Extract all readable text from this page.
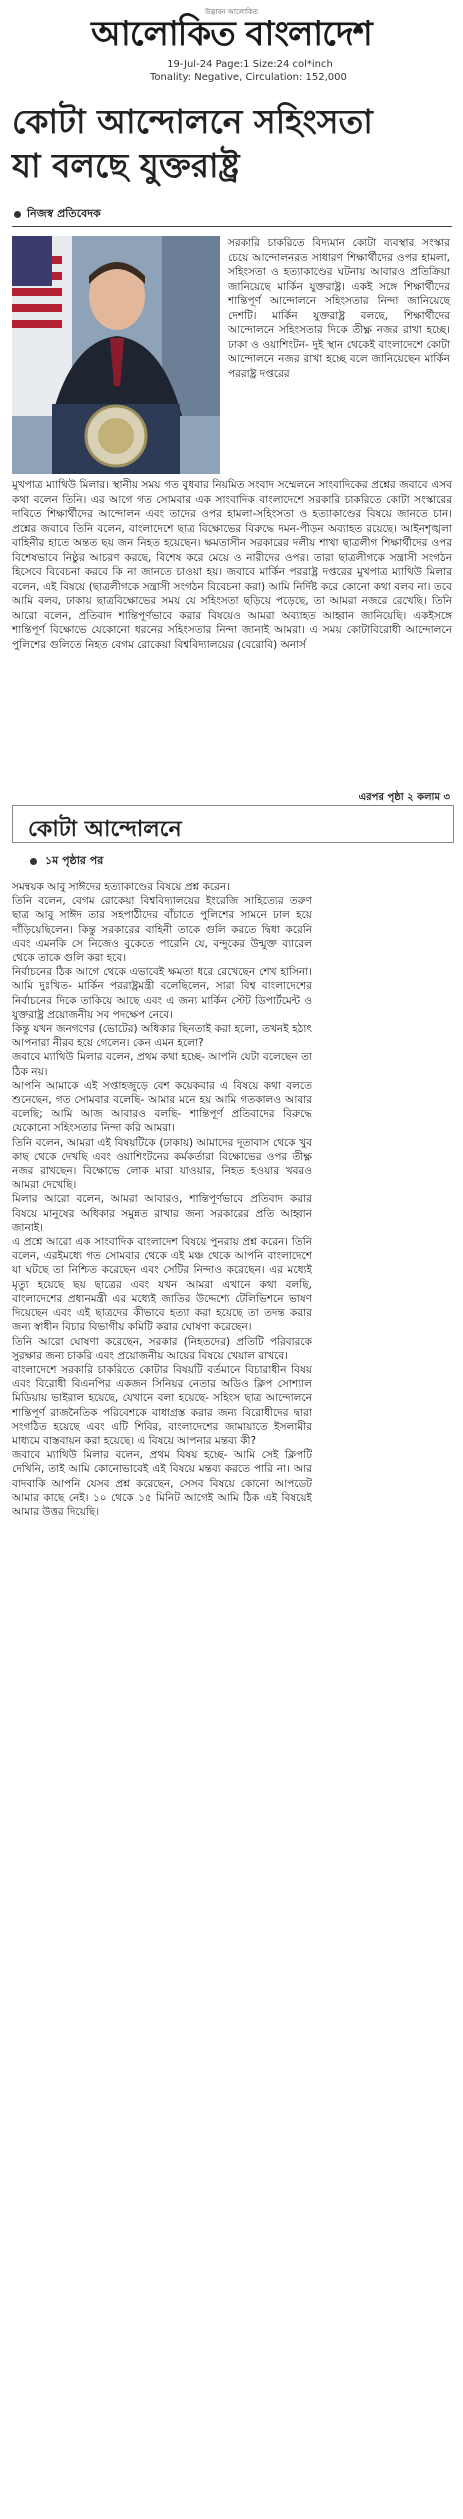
উদ্ভাবন আলোকিত
আলোকিত বাংলাদেশ
19-Jul-24 Page:1 Size:24 col*inch
Tonality: Negative, Circulation: 152,000
কোটা আন্দোলনে সহিংসতা
যা বলছে যুক্তরাষ্ট্র
নিজস্ব প্রতিবেদক
সরকারি চাকরিতে বিদ্যমান কোটা ব্যবস্থার সংস্কার চেয়ে আন্দোলনরত সাধারণ শিক্ষার্থীদের ওপর হামলা, সহিংসতা ও হত্যাকাণ্ডের ঘটনায় আবারও প্রতিক্রিয়া জানিয়েছে মার্কিন যুক্তরাষ্ট্র। একই সঙ্গে শিক্ষার্থীদের শান্তিপূর্ণ আন্দোলনে সহিংসতার নিন্দা জানিয়েছে দেশটি। মার্কিন যুক্তরাষ্ট্র বলছে, শিক্ষার্থীদের আন্দোলনে সহিংসতার দিকে তীক্ষ্ণ নজর রাখা হচ্ছে। ঢাকা ও ওয়াশিংটন- দুই স্থান থেকেই বাংলাদেশে কোটা আন্দোলনে নজর রাখা হচ্ছে বলে জানিয়েছেন মার্কিন পররাষ্ট্র দপ্তরের
মুখপাত্র ম্যাথিউ মিলার। স্থানীয় সময় গত বুধবার নিয়মিত সংবাদ সম্মেলনে সাংবাদিকের প্রশ্নের জবাবে এসব কথা বলেন তিনি। এর আগে গত সোমবার এক সাংবাদিক বাংলাদেশে সরকারি চাকরিতে কোটা সংস্কারের দাবিতে শিক্ষার্থীদের আন্দোলন এবং তাদের ওপর হামলা-সহিংসতা ও হত্যাকাণ্ডের বিষয়ে জানতে চান। প্রশ্নের জবাবে তিনি বলেন, বাংলাদেশে ছাত্র বিক্ষোভের বিরুদ্ধে দমন-পীড়ন অব্যাহত রয়েছে। আইনশৃঙ্খলা বাহিনীর হাতে অন্তত ছয় জন নিহত হয়েছেন। ক্ষমতাসীন সরকারের দলীয় শাখা ছাত্রলীগ শিক্ষার্থীদের ওপর বিশেষভাবে নিষ্ঠুর আচরণ করছে, বিশেষ করে মেয়ে ও নারীদের ওপর। তারা ছাত্রলীগকে সন্ত্রাসী সংগঠন হিসেবে বিবেচনা করবে কি না জানতে চাওয়া হয়। জবাবে মার্কিন পররাষ্ট্র দপ্তরের মুখপাত্র ম্যাথিউ মিলার বলেন, এই বিষয়ে (ছাত্রলীগকে সন্ত্রাসী সংগঠন বিবেচনা করা) আমি নির্দিষ্ট করে কোনো কথা বলব না। তবে আমি বলব, ঢাকায় ছাত্রবিক্ষোভের সময় যে সহিংসতা ছড়িয়ে পড়েছে, তা আমরা নজরে রেখেছি। তিনি আরো বলেন, প্রতিবাদ শান্তিপূর্ণভাবে করার বিষয়েও আমরা অব্যাহত আহ্বান জানিয়েছি। একইসঙ্গে শান্তিপূর্ণ বিক্ষোভে যেকোনো ধরনের সহিংসতার নিন্দা জানাই আমরা। এ সময় কোটাবিরোধী আন্দোলনে পুলিশের গুলিতে নিহত বেগম রোকেয়া বিশ্ববিদ্যালয়ের (বেরোবি) অনার্স
এরপর পৃষ্ঠা ২ কলাম ৩
কোটা আন্দোলনে
১ম পৃষ্ঠার পর

সমন্বয়ক আবু সাঈদের হত্যাকাণ্ডের বিষয়ে প্রশ্ন করেন।

তিনি বলেন, বেগম রোকেয়া বিশ্ববিদ্যালয়ের ইংরেজি সাহিত্যের তরুণ ছাত্র আবু সাঈদ তার সহপাঠীদের বাঁচাতে পুলিশের সামনে ঢাল হয়ে দাঁড়িয়েছিলেন। কিন্তু সরকারের বাহিনী তাকে গুলি করতে দ্বিধা করেনি এবং এমনকি সে নিজেও বুকেতে পারেনি যে, বন্দুকের উন্মুক্ত ব্যারেল থেকে তাকে গুলি করা হবে।

নির্বাচনের ঠিক আগে থেকে এভাবেই ক্ষমতা ধরে রেখেছেন শেখ হাসিনা। আমি দুঃখিত- মার্কিন পররাষ্ট্রমন্ত্রী বলেছিলেন, সারা বিশ্ব বাংলাদেশের নির্বাচনের দিকে তাকিয়ে আছে এবং এ জন্য মার্কিন স্টেট ডিপার্টমেন্ট ও যুক্তরাষ্ট্র প্রয়োজনীয় সব পদক্ষেপ নেবে।

কিন্তু যখন জনগণের (ভোটের) অধিকার ছিনতাই করা হলো, তখনই হঠাৎ আপনারা নীরব হয়ে গেলেন। কেন এমন হলো?

জবাবে ম্যাথিউ মিলার বলেন, প্রথম কথা হচ্ছে- আপনি যেটা বলেছেন তা ঠিক নয়।

আপনি আমাকে এই সপ্তাহজুড়ে বেশ কয়েকবার এ বিষয়ে কথা বলতে শুনেছেন, গত সোমবার বলেছি- আমার মনে হয় আমি গতকালও আবার বলেছি; আমি আজ আবারও বলছি- শান্তিপূর্ণ প্রতিবাদের বিরুদ্ধে যেকোনো সহিংসতার নিন্দা করি আমরা।

তিনি বলেন, আমরা এই বিষয়টিকে (ঢাকায়) আমাদের দূতাবাস থেকে খুব কাছ থেকে দেখছি এবং ওয়াশিংটনের কর্মকর্তারা বিক্ষোভের ওপর তীক্ষ্ণ নজর রাখছেন। বিক্ষোভে লোক মারা যাওয়ার, নিহত হওয়ার খবরও আমরা দেখেছি।

মিলার আরো বলেন, আমরা আবারও, শান্তিপূর্ণভাবে প্রতিবাদ করার বিষয়ে মানুষের অধিকার সমুন্নত রাখার জন্য সরকারের প্রতি আহ্বান জানাই।

এ প্রশ্নে আরো এক সাংবাদিক বাংলাদেশ বিষয়ে পুনরায় প্রশ্ন করেন। তিনি বলেন, এরইমধ্যে গত সোমবার থেকে এই মঞ্চ থেকে আপনি বাংলাদেশে যা ঘটছে তা নিশ্চিত করেছেন এবং সেটির নিন্দাও করেছেন। এর মধ্যেই মৃত্যু হয়েছে ছয় ছাত্রের এবং যখন আমরা এখানে কথা বলছি, বাংলাদেশের প্রধানমন্ত্রী এর মধ্যেই জাতির উদ্দেশ্যে টেলিভিশনে ভাষণ দিয়েছেন এবং এই ছাত্রদের কীভাবে হত্যা করা হয়েছে তা তদন্ত করার জন্য স্বাধীন বিচার বিভাগীয় কমিটি করার ঘোষণা করেছেন।

তিনি আরো ঘোষণা করেছেন, সরকার (নিহতদের) প্রতিটি পরিবারকে সুরক্ষার জন্য চাকরি এবং প্রয়োজনীয় আয়ের বিষয়ে খেয়াল রাখবে।

বাংলাদেশে সরকারি চাকরিতে কোটার বিষয়টি বর্তমানে বিচারাধীন বিষয় এবং বিরোধী বিএনপির একজন সিনিয়র নেতার অডিও ক্লিপ সোশ্যাল মিডিয়ায় ভাইরাল হয়েছে, যেখানে বলা হয়েছে- সহিংস ছাত্র আন্দোলনে শান্তিপূর্ণ রাজনৈতিক পরিবেশকে বাধাগ্রস্ত করার জন্য বিরোধীদের দ্বারা সংগঠিত হয়েছে এবং এটি শিবির, বাংলাদেশের জামায়াতে ইসলামীর মাধ্যমে বাস্তবায়ন করা হয়েছে। এ বিষয়ে আপনার মন্তব্য কী?

জবাবে ম্যাথিউ মিলার বলেন, প্রথম বিষয় হচ্ছে- আমি সেই ক্লিপটি দেখিনি, তাই আমি কোনোভাবেই এই বিষয়ে মন্তব্য করতে পারি না। আর বাদবাকি আপনি যেসব প্রশ্ন করেছেন, সেসব বিষয়ে কোনো আপডেট আমার কাছে নেই। ১০ থেকে ১৫ মিনিট আগেই আমি ঠিক এই বিষয়েই আমার উত্তর দিয়েছি।
